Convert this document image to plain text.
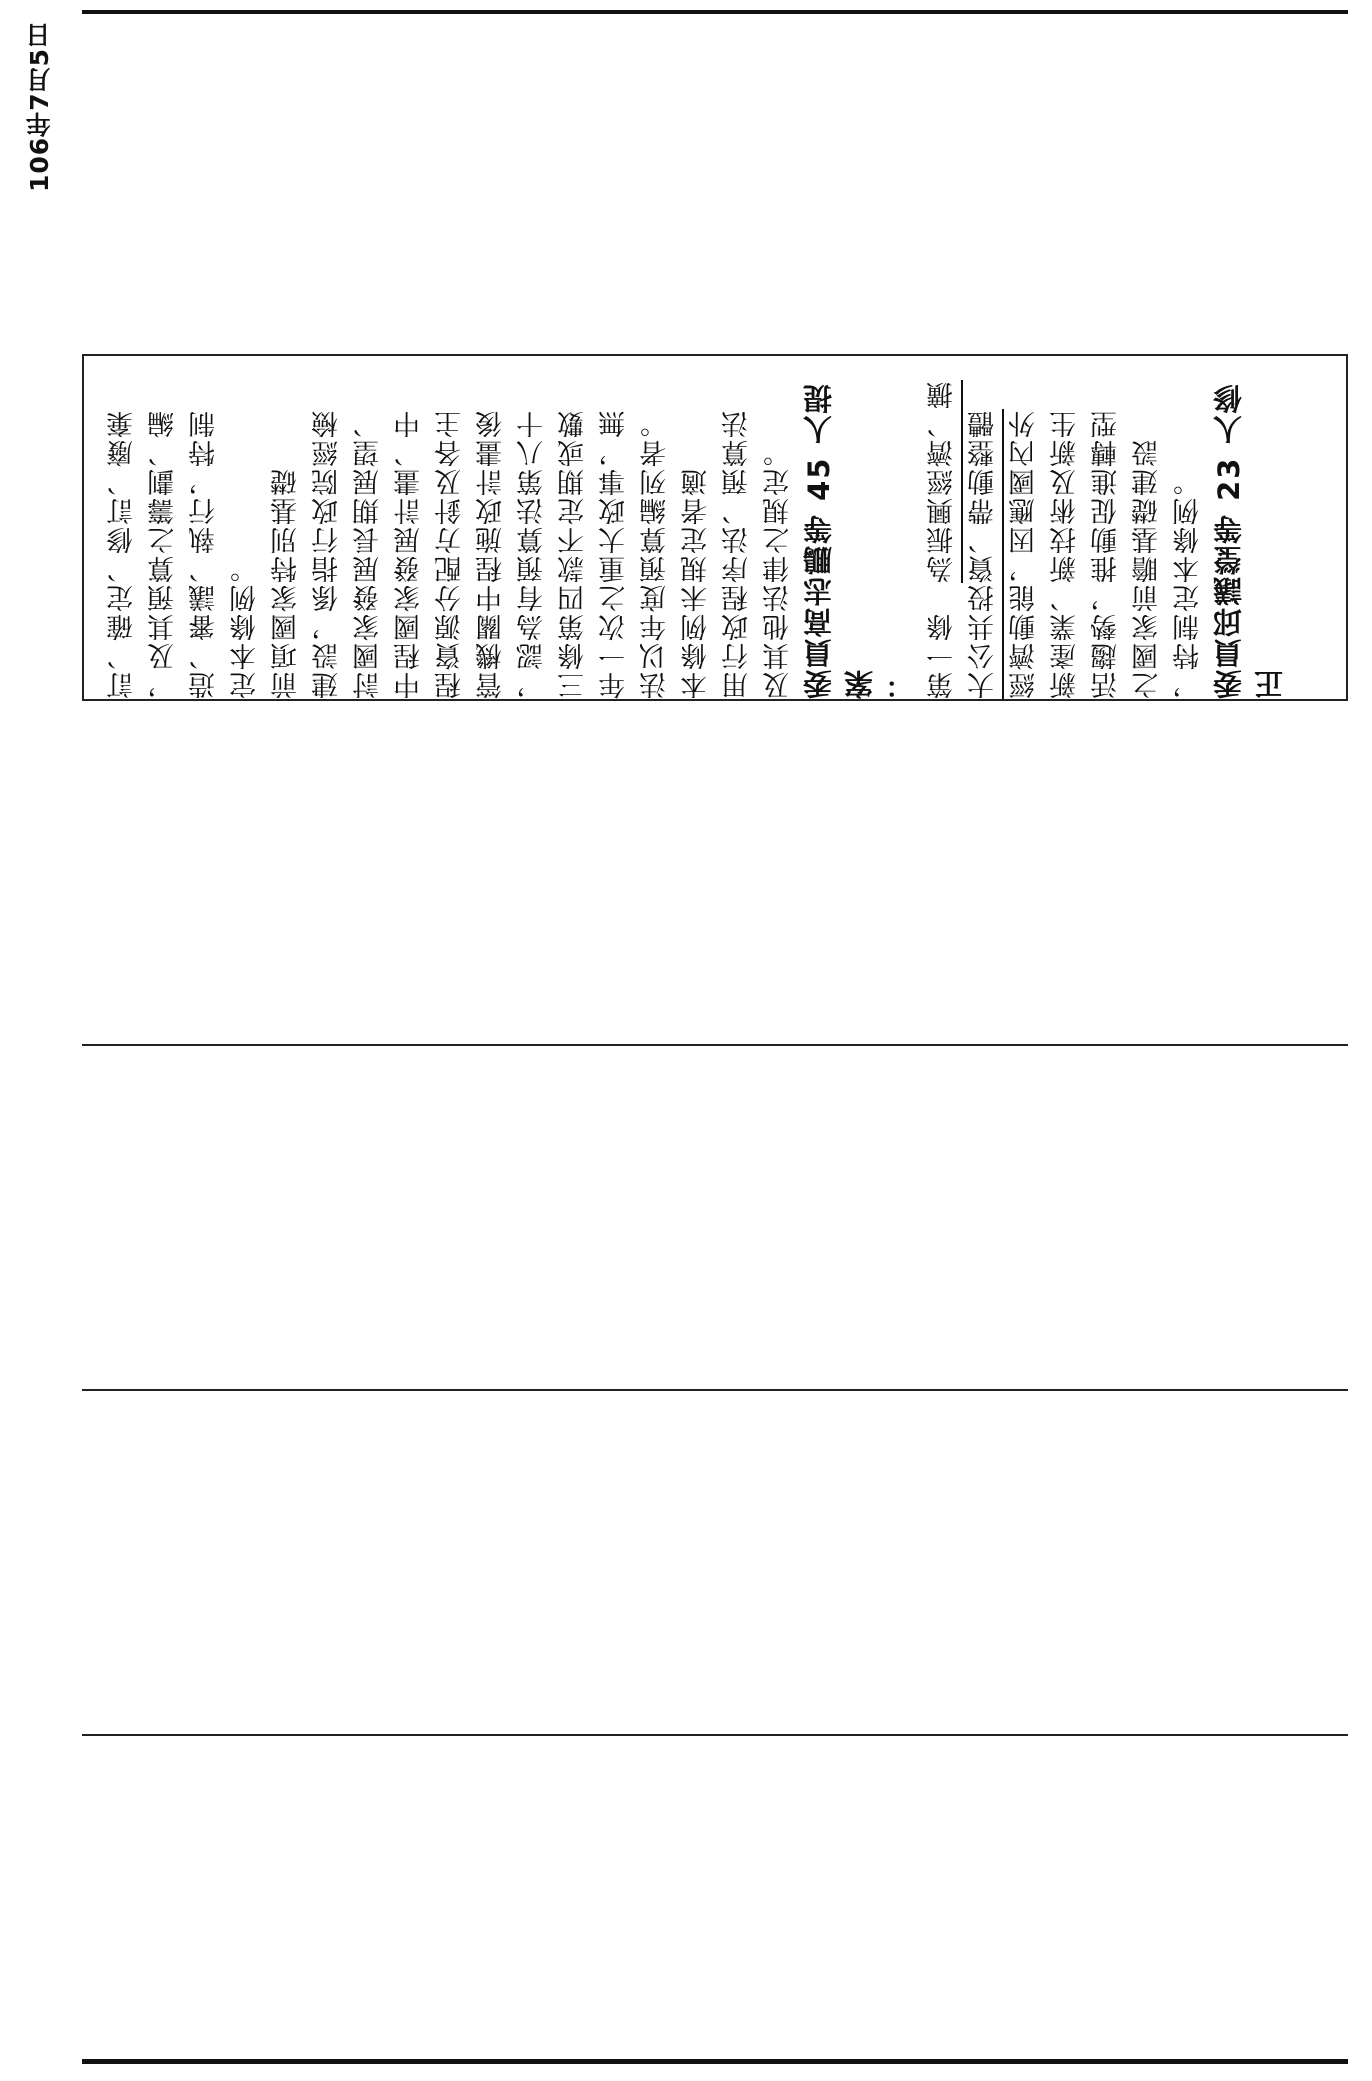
106年7月5日

訂、確定、修訂、廢棄 ，及其預算之籌劃、編 造、審議、執行，特制 定本條例。 前項國家特別基礎 建設，係指行政院經檢 討國家發展長期展望、 中程國家發展計畫、中 程資源分配方針及各主 管機關中程施政計畫後 ，認為有預算法第八十 三條第四款不定期或數 年一次之重大政事，無 法以年度預算編列者。 本條例未規定者適 用行政程序法、預算法 及其他法律之規定。 委員高志鵬等 45 人提案 ： 第一條　為振興經濟、擴 大公共投資、帶動整體 經濟動能，因應國內外 新產業、新技術及新生 活趨勢，推動促進轉型 之國家前瞻基礎建設 ，特制定本條例。 委員邱議瑩等 23 人修正
